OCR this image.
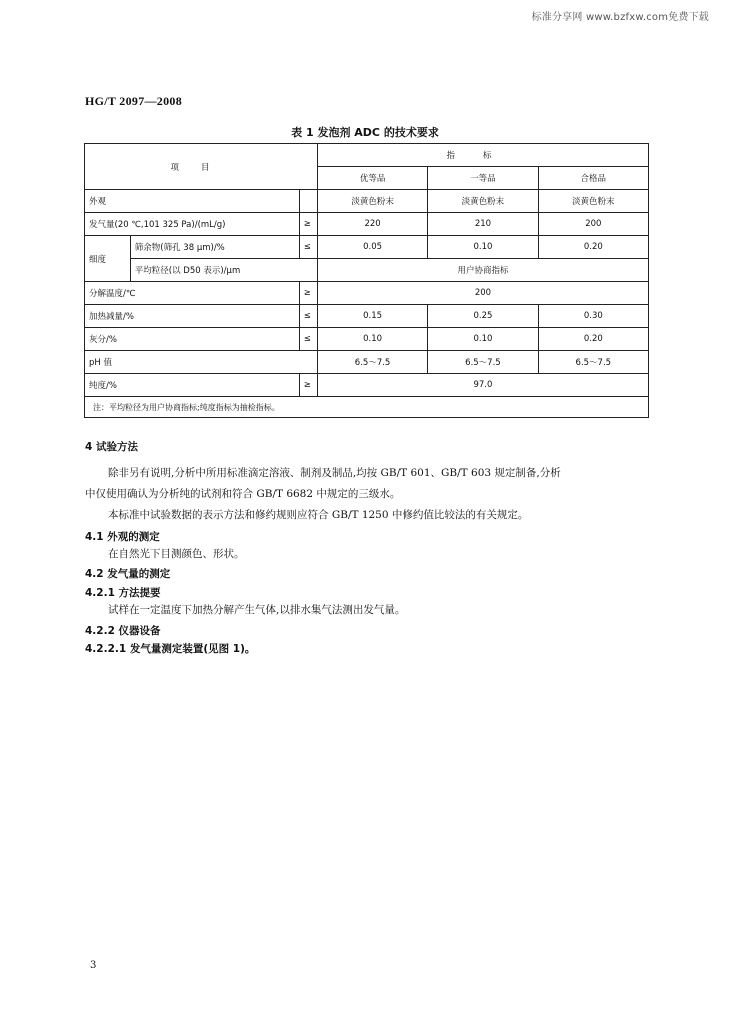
标准分享网 www.bzfxw.com免费下载
HG/T 2097—2008
表 1 发泡剂 ADC 的技术要求
项目			指标		
			优等品	一等品	合格品
外观			淡黄色粉末	淡黄色粉末	淡黄色粉末
发气量(20 ℃,101 325 Pa)/(mL/g)		≥	220	210	200
细度	筛余物(筛孔 38 μm)/%	≤	0.05	0.10	0.20
	平均粒径(以 D50 表示)/μm		用户协商指标		
分解温度/℃		≥	200		
加热减量/%		≤	0.15	0.25	0.30
灰分/%		≤	0.10	0.10	0.20
pH 值			6.5～7.5	6.5～7.5	6.5～7.5
纯度/%		≥	97.0		
注：平均粒径为用户协商指标;纯度指标为抽检指标。					
4 试验方法
除非另有说明,分析中所用标准滴定溶液、制剂及制品,均按 GB/T 601、GB/T 603 规定制备,分析
中仅使用确认为分析纯的试剂和符合 GB/T 6682 中规定的三级水。
本标准中试验数据的表示方法和修约规则应符合 GB/T 1250 中修约值比较法的有关规定。
4.1 外观的测定
在自然光下目测颜色、形状。
4.2 发气量的测定
4.2.1 方法提要
试样在一定温度下加热分解产生气体,以排水集气法测出发气量。
4.2.2 仪器设备
4.2.2.1 发气量测定装置(见图 1)。
3
